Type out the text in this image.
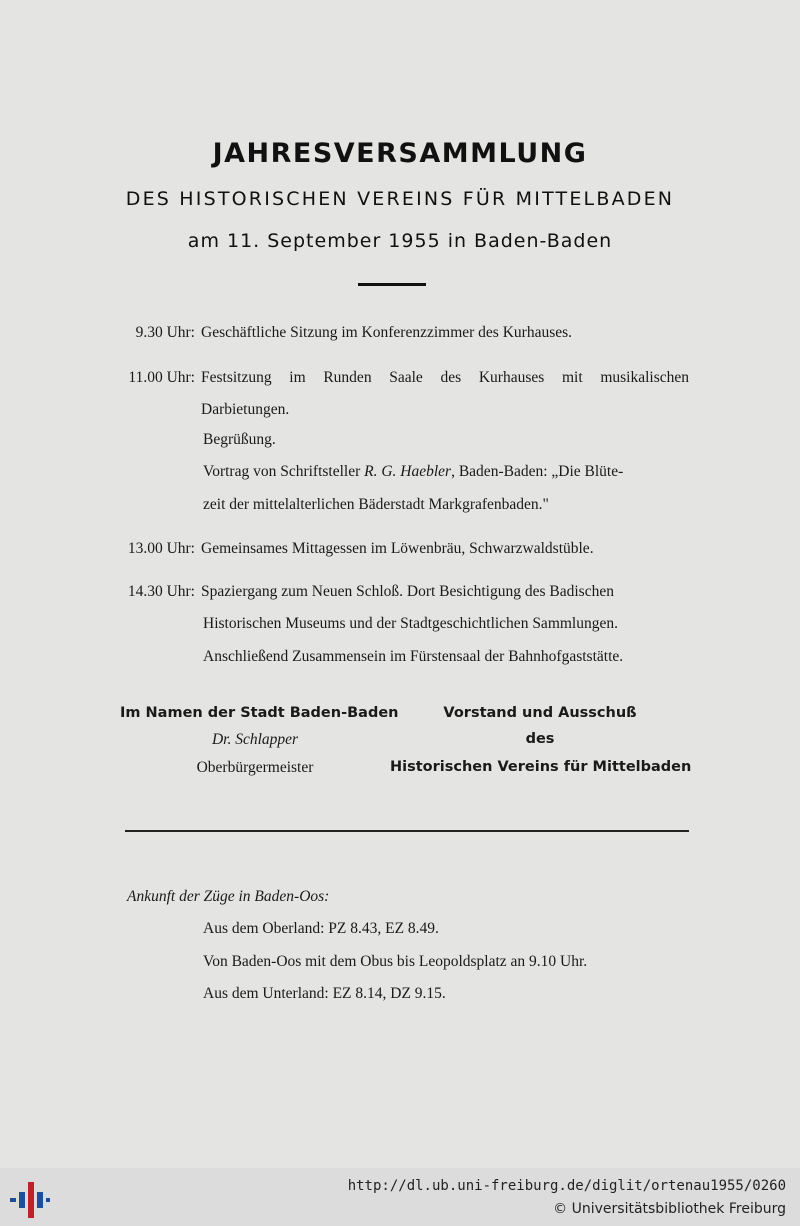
JAHRESVERSAMMLUNG
DES HISTORISCHEN VEREINS FÜR MITTELBADEN
am 11. September 1955 in Baden-Baden
9.30 Uhr: Geschäftliche Sitzung im Konferenzzimmer des Kurhauses.
11.00 Uhr: Festsitzung im Runden Saale des Kurhauses mit musikalischen
Darbietungen.
Begrüßung.
Vortrag von Schriftsteller R. G. Haebler, Baden-Baden: „Die Blüte-
zeit der mittelalterlichen Bäderstadt Markgrafenbaden."
13.00 Uhr: Gemeinsames Mittagessen im Löwenbräu, Schwarzwaldstüble.
14.30 Uhr: Spaziergang zum Neuen Schloß. Dort Besichtigung des Badischen
Historischen Museums und der Stadtgeschichtlichen Sammlungen.
Anschließend Zusammensein im Fürstensaal der Bahnhofgaststätte.
Im Namen der Stadt Baden-Baden
Dr. Schlapper
Oberbürgermeister
Vorstand und Ausschuß
des
Historischen Vereins für Mittelbaden
Ankunft der Züge in Baden-Oos:
Aus dem Oberland: PZ 8.43, EZ 8.49.
Von Baden-Oos mit dem Obus bis Leopoldsplatz an 9.10 Uhr.
Aus dem Unterland: EZ 8.14, DZ 9.15.
http://dl.ub.uni-freiburg.de/diglit/ortenau1955/0260
© Universitätsbibliothek Freiburg
